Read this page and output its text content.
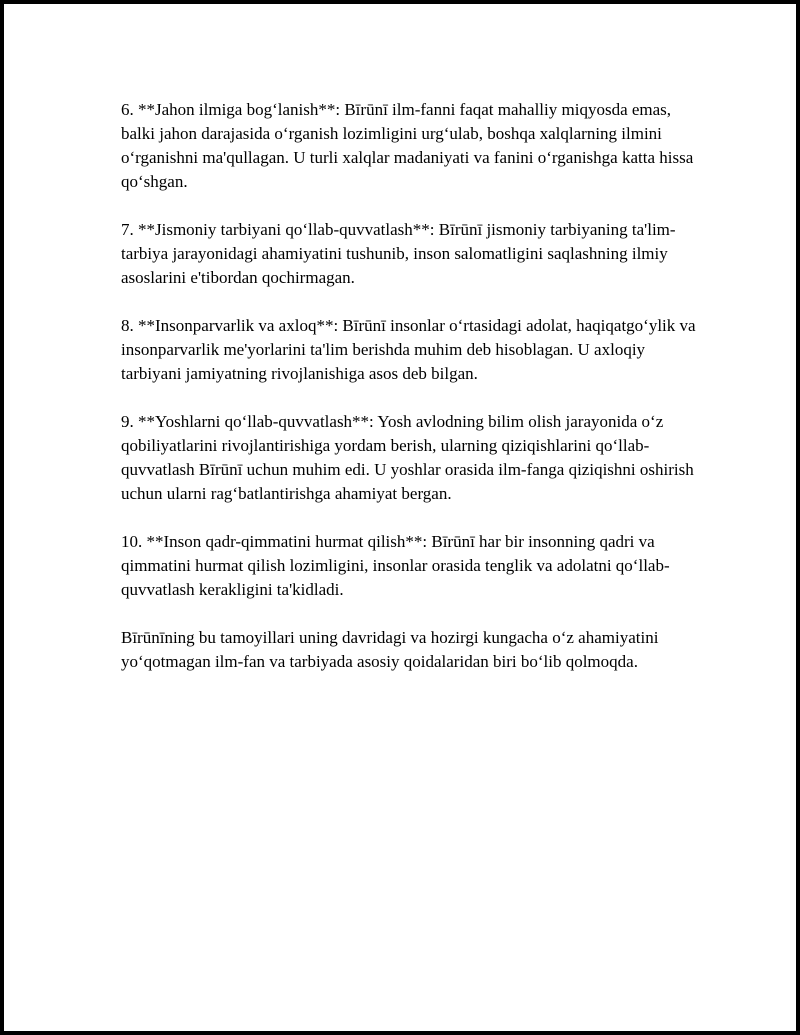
6. **Jahon ilmiga bog‘lanish**: Bīrūnī ilm-fanni faqat mahalliy miqyosda emas, balki jahon darajasida o‘rganish lozimligini urg‘ulab, boshqa xalqlarning ilmini o‘rganishni ma'qullagan. U turli xalqlar madaniyati va fanini o‘rganishga katta hissa qo‘shgan.

7. **Jismoniy tarbiyani qo‘llab-quvvatlash**: Bīrūnī jismoniy tarbiyaning ta'lim-tarbiya jarayonidagi ahamiyatini tushunib, inson salomatligini saqlashning ilmiy asoslarini e'tibordan qochirmagan.

8. **Insonparvarlik va axloq**: Bīrūnī insonlar o‘rtasidagi adolat, haqiqatgo‘ylik va insonparvarlik me'yorlarini ta'lim berishda muhim deb hisoblagan. U axloqiy tarbiyani jamiyatning rivojlanishiga asos deb bilgan.

9. **Yoshlarni qo‘llab-quvvatlash**: Yosh avlodning bilim olish jarayonida o‘z qobiliyatlarini rivojlantirishiga yordam berish, ularning qiziqishlarini qo‘llab-quvvatlash Bīrūnī uchun muhim edi. U yoshlar orasida ilm-fanga qiziqishni oshirish uchun ularni rag‘batlantirishga ahamiyat bergan.

10. **Inson qadr-qimmatini hurmat qilish**: Bīrūnī har bir insonning qadri va qimmatini hurmat qilish lozimligini, insonlar orasida tenglik va adolatni qo‘llab-quvvatlash kerakligini ta'kidladi.

Bīrūnīning bu tamoyillari uning davridagi va hozirgi kungacha o‘z ahamiyatini yo‘qotmagan ilm-fan va tarbiyada asosiy qoidalaridan biri bo‘lib qolmoqda.
